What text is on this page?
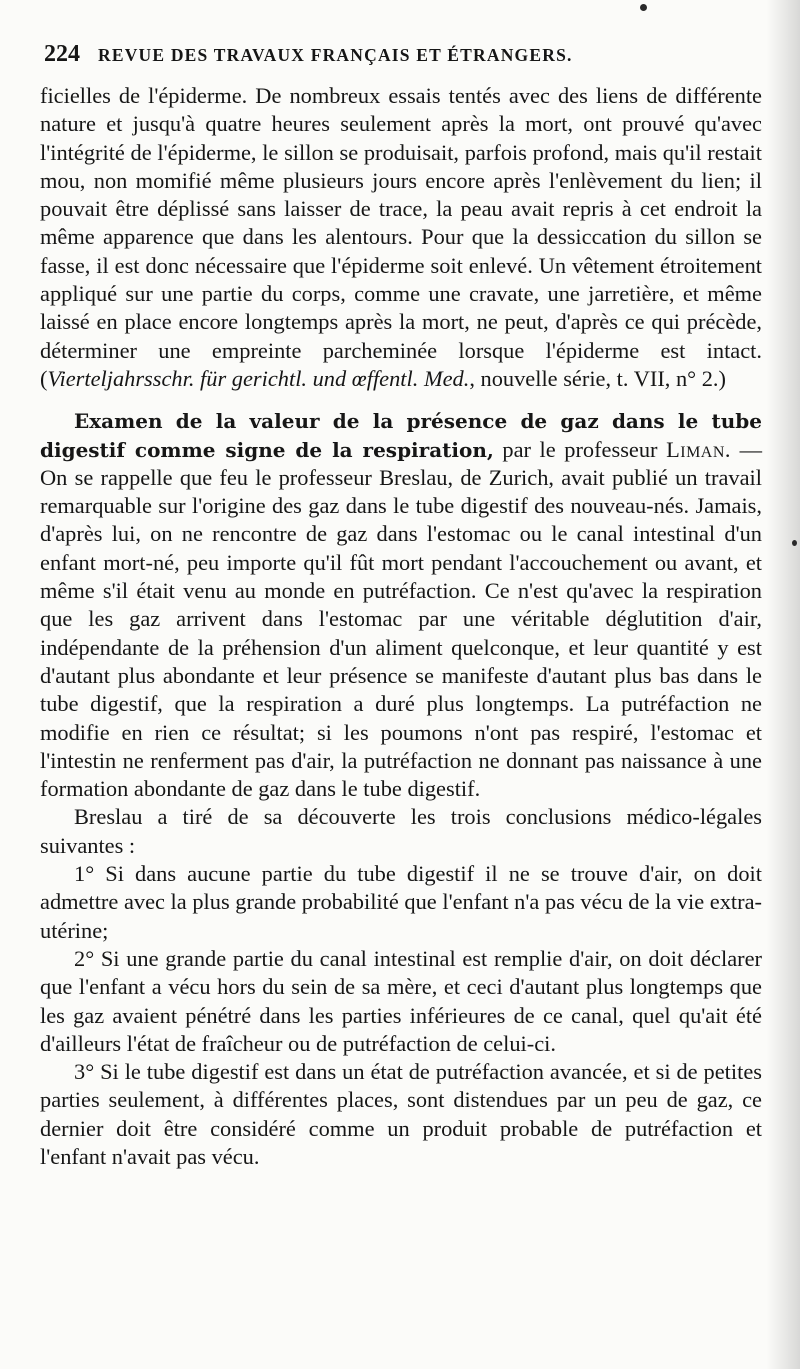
224 REVUE DES TRAVAUX FRANÇAIS ET ÉTRANGERS.

ficielles de l'épiderme. De nombreux essais tentés avec des liens de différente nature et jusqu'à quatre heures seulement après la mort, ont prouvé qu'avec l'intégrité de l'épiderme, le sillon se produisait, parfois profond, mais qu'il restait mou, non momifié même plusieurs jours encore après l'enlèvement du lien; il pouvait être déplissé sans laisser de trace, la peau avait repris à cet endroit la même apparence que dans les alentours. Pour que la dessiccation du sillon se fasse, il est donc nécessaire que l'épiderme soit enlevé. Un vêtement étroitement appliqué sur une partie du corps, comme une cravate, une jarretière, et même laissé en place encore longtemps après la mort, ne peut, d'après ce qui précède, déterminer une empreinte parcheminée lorsque l'épiderme est intact. (Vierteljahrsschr. für gerichtl. und œffentl. Med., nouvelle série, t. VII, n° 2.)

Examen de la valeur de la présence de gaz dans le tube digestif comme signe de la respiration, par le professeur Liman. — On se rappelle que feu le professeur Breslau, de Zurich, avait publié un travail remarquable sur l'origine des gaz dans le tube digestif des nouveau-nés. Jamais, d'après lui, on ne rencontre de gaz dans l'estomac ou le canal intestinal d'un enfant mort-né, peu importe qu'il fût mort pendant l'accouchement ou avant, et même s'il était venu au monde en putréfaction. Ce n'est qu'avec la respiration que les gaz arrivent dans l'estomac par une véritable déglutition d'air, indépendante de la préhension d'un aliment quelconque, et leur quantité y est d'autant plus abondante et leur présence se manifeste d'autant plus bas dans le tube digestif, que la respiration a duré plus longtemps. La putréfaction ne modifie en rien ce résultat; si les poumons n'ont pas respiré, l'estomac et l'intestin ne renferment pas d'air, la putréfaction ne donnant pas naissance à une formation abondante de gaz dans le tube digestif.

Breslau a tiré de sa découverte les trois conclusions médico-légales suivantes :

1° Si dans aucune partie du tube digestif il ne se trouve d'air, on doit admettre avec la plus grande probabilité que l'enfant n'a pas vécu de la vie extra-utérine;

2° Si une grande partie du canal intestinal est remplie d'air, on doit déclarer que l'enfant a vécu hors du sein de sa mère, et ceci d'autant plus longtemps que les gaz avaient pénétré dans les parties inférieures de ce canal, quel qu'ait été d'ailleurs l'état de fraîcheur ou de putréfaction de celui-ci.

3° Si le tube digestif est dans un état de putréfaction avancée, et si de petites parties seulement, à différentes places, sont distendues par un peu de gaz, ce dernier doit être considéré comme un produit probable de putréfaction et l'enfant n'avait pas vécu.
